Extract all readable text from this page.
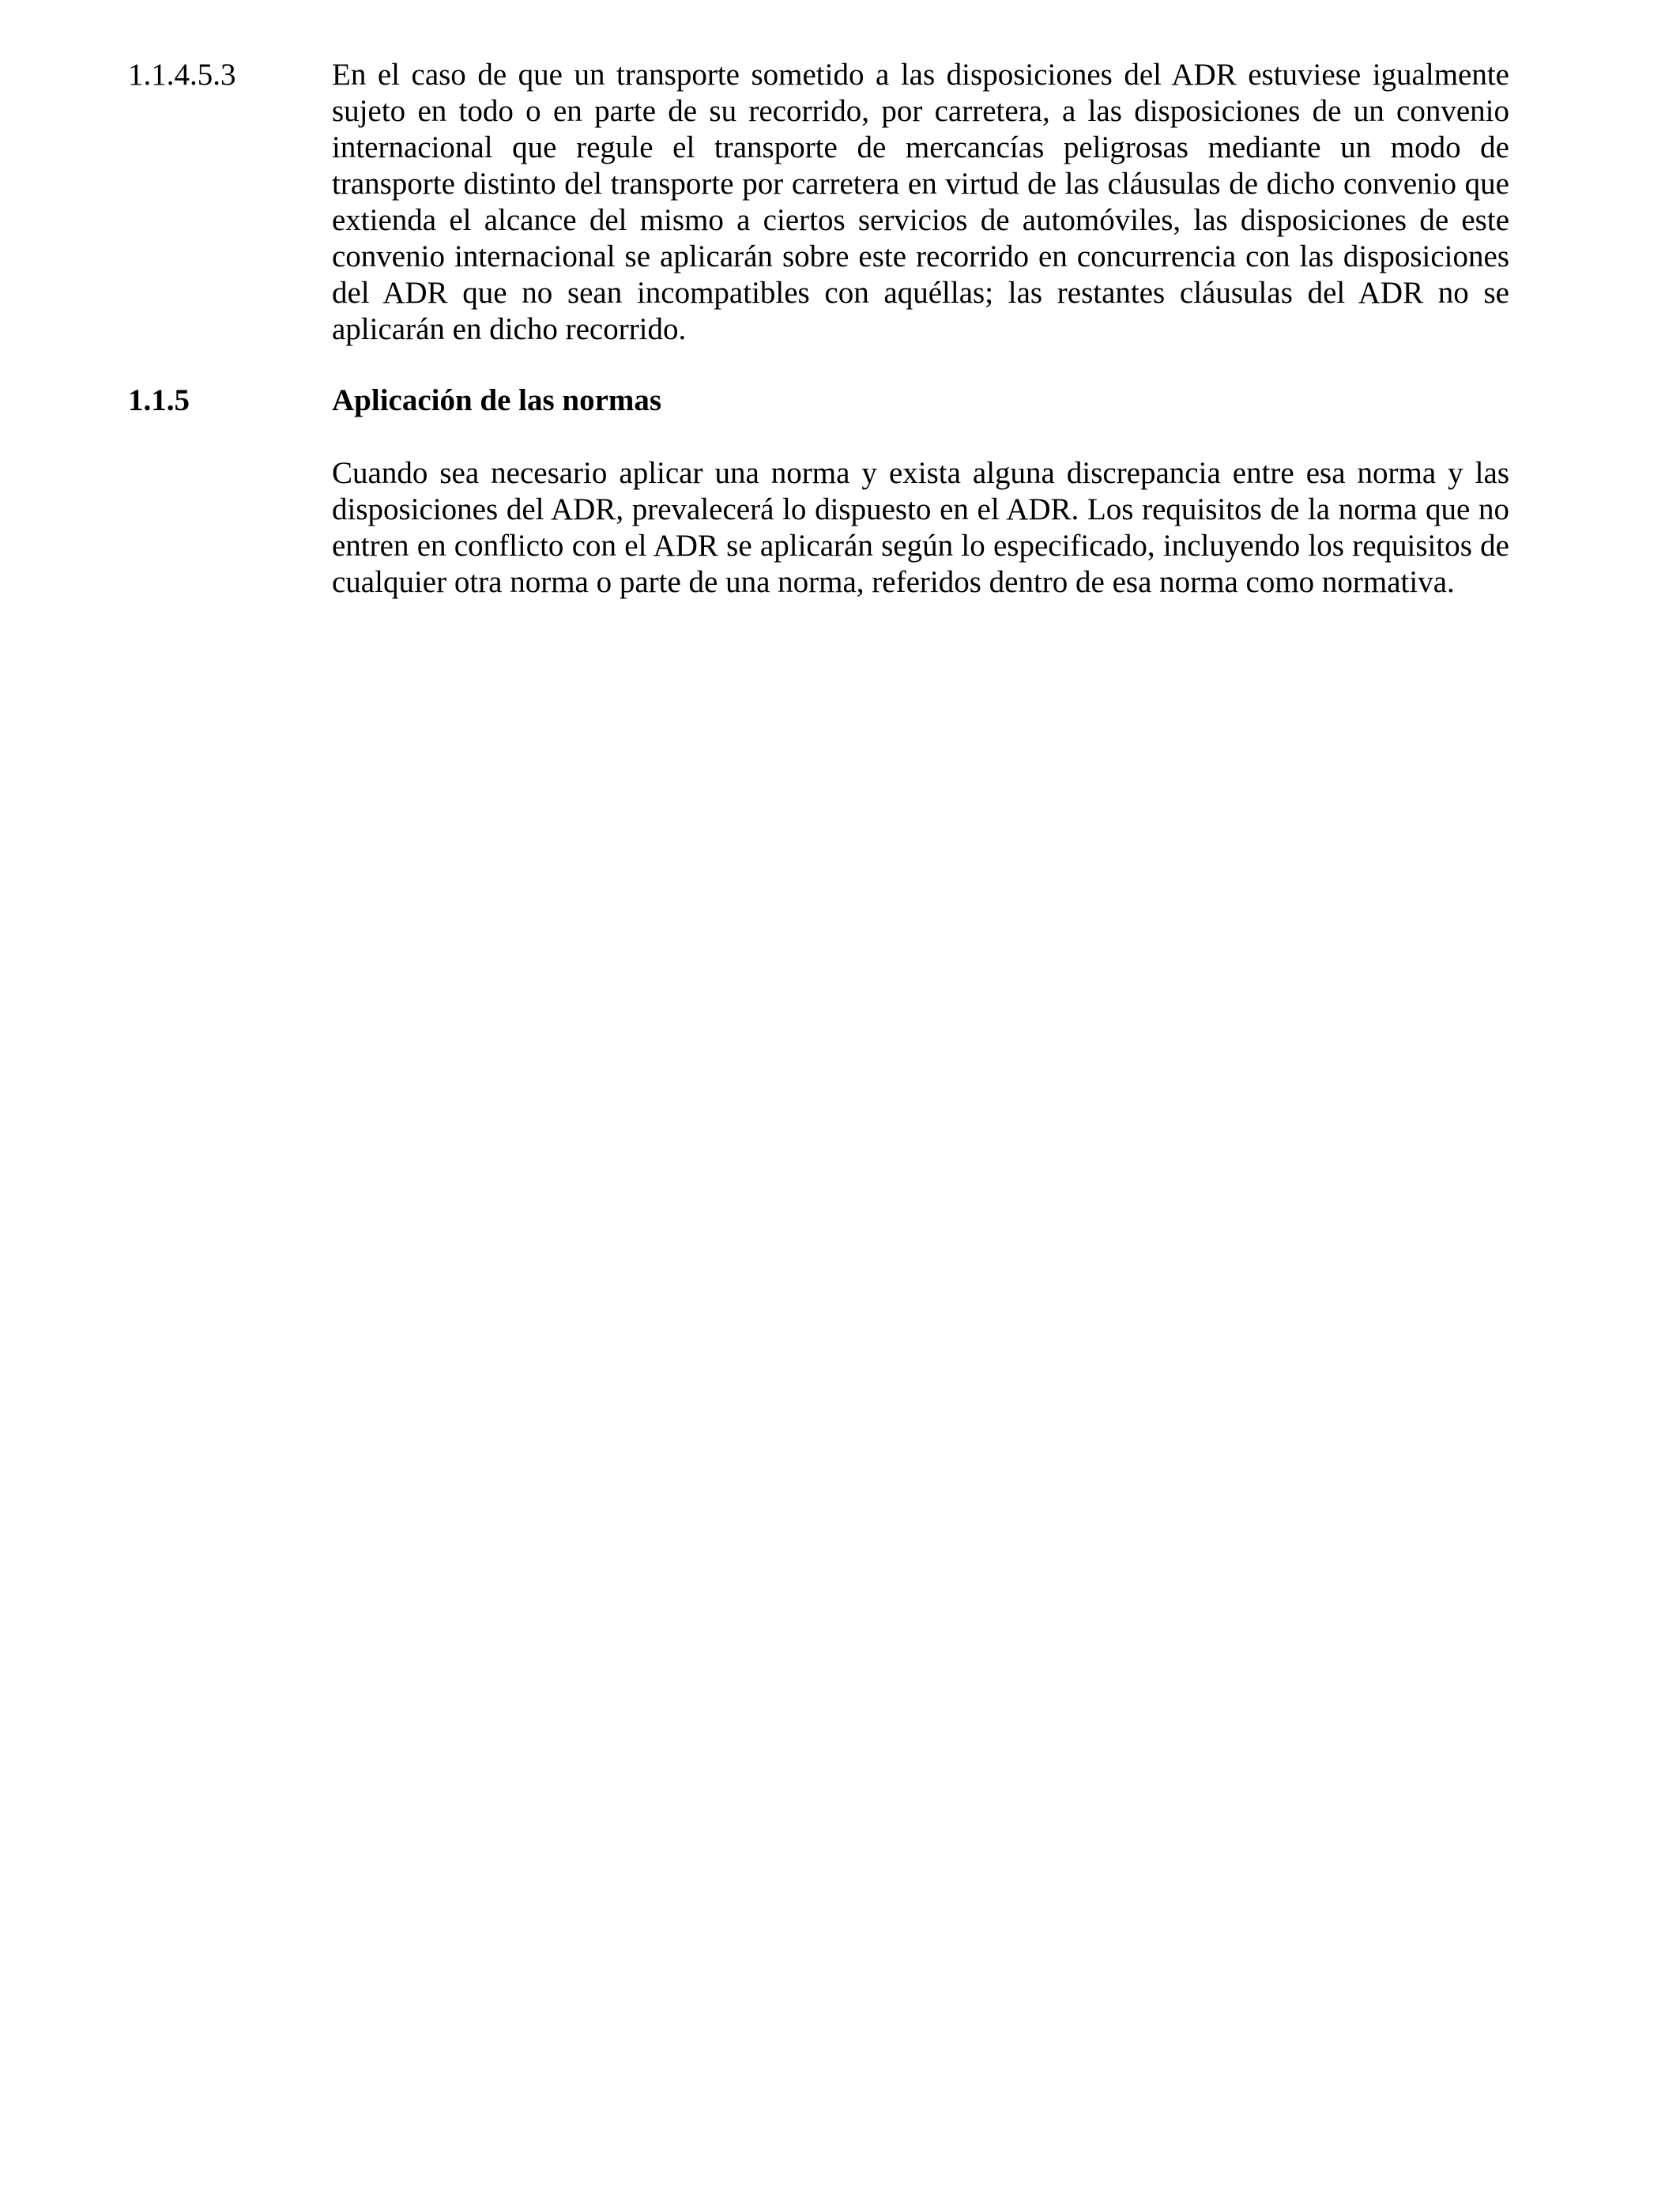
1.1.4.5.3	En el caso de que un transporte sometido a las disposiciones del ADR estuviese igualmente sujeto en todo o en parte de su recorrido, por carretera, a las disposiciones de un convenio internacional que regule el transporte de mercancías peligrosas mediante un modo de transporte distinto del transporte por carretera en virtud de las cláusulas de dicho convenio que extienda el alcance del mismo a ciertos servicios de automóviles, las disposiciones de este convenio internacional se aplicarán sobre este recorrido en concurrencia con las disposiciones del ADR que no sean incompatibles con aquéllas; las restantes cláusulas del ADR no se aplicarán en dicho recorrido.
1.1.5	Aplicación de las normas
Cuando sea necesario aplicar una norma y exista alguna discrepancia entre esa norma y las disposiciones del ADR, prevalecerá lo dispuesto en el ADR. Los requisitos de la norma que no entren en conflicto con el ADR se aplicarán según lo especificado, incluyendo los requisitos de cualquier otra norma o parte de una norma, referidos dentro de esa norma como normativa.
